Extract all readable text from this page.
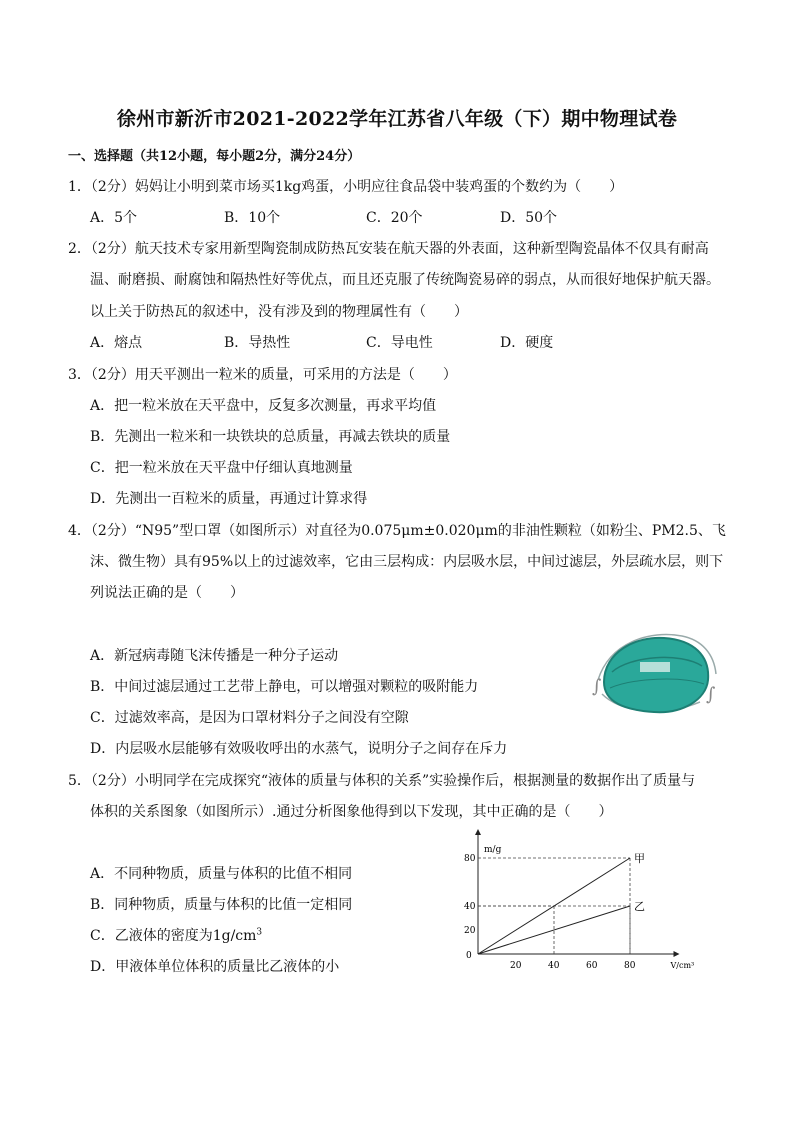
徐州市新沂市2021-2022学年江苏省八年级（下）期中物理试卷
一、选择题（共12小题，每小题2分，满分24分）
1．（2分）妈妈让小明到菜市场买1kg鸡蛋，小明应往食品袋中装鸡蛋的个数约为（　　）
A．5个	B．10个	C．20个	D．50个
2．（2分）航天技术专家用新型陶瓷制成防热瓦安装在航天器的外表面，这种新型陶瓷晶体不仅具有耐高
温、耐磨损、耐腐蚀和隔热性好等优点，而且还克服了传统陶瓷易碎的弱点，从而很好地保护航天器。
以上关于防热瓦的叙述中，没有涉及到的物理属性有（　　）
A．熔点	B．导热性	C．导电性	D．硬度
3．（2分）用天平测出一粒米的质量，可采用的方法是（　　）
A．把一粒米放在天平盘中，反复多次测量，再求平均值
B．先测出一粒米和一块铁块的总质量，再减去铁块的质量
C．把一粒米放在天平盘中仔细认真地测量
D．先测出一百粒米的质量，再通过计算求得
4．（2分）“N95”型口罩（如图所示）对直径为0.075μm±0.020μm的非油性颗粒（如粉尘、PM2.5、飞
沫、微生物）具有95%以上的过滤效率，它由三层构成：内层吸水层，中间过滤层，外层疏水层，则下
列说法正确的是（　　）
A．新冠病毒随飞沫传播是一种分子运动
B．中间过滤层通过工艺带上静电，可以增强对颗粒的吸附能力
C．过滤效率高，是因为口罩材料分子之间没有空隙
D．内层吸水层能够有效吸收呼出的水蒸气，说明分子之间存在斥力
∫	∫
5．（2分）小明同学在完成探究“液体的质量与体积的关系”实验操作后，根据测量的数据作出了质量与
体积的关系图象（如图所示）.通过分析图象他得到以下发现，其中正确的是（　　）
A．不同种物质，质量与体积的比值不相同
B．同种物质，质量与体积的比值一定相同
C．乙液体的密度为$1g/cm^3$
D．甲液体单位体积的质量比乙液体的小
甲
乙
20	40	60	80
20
40
80
0
m/g
V/cm³
